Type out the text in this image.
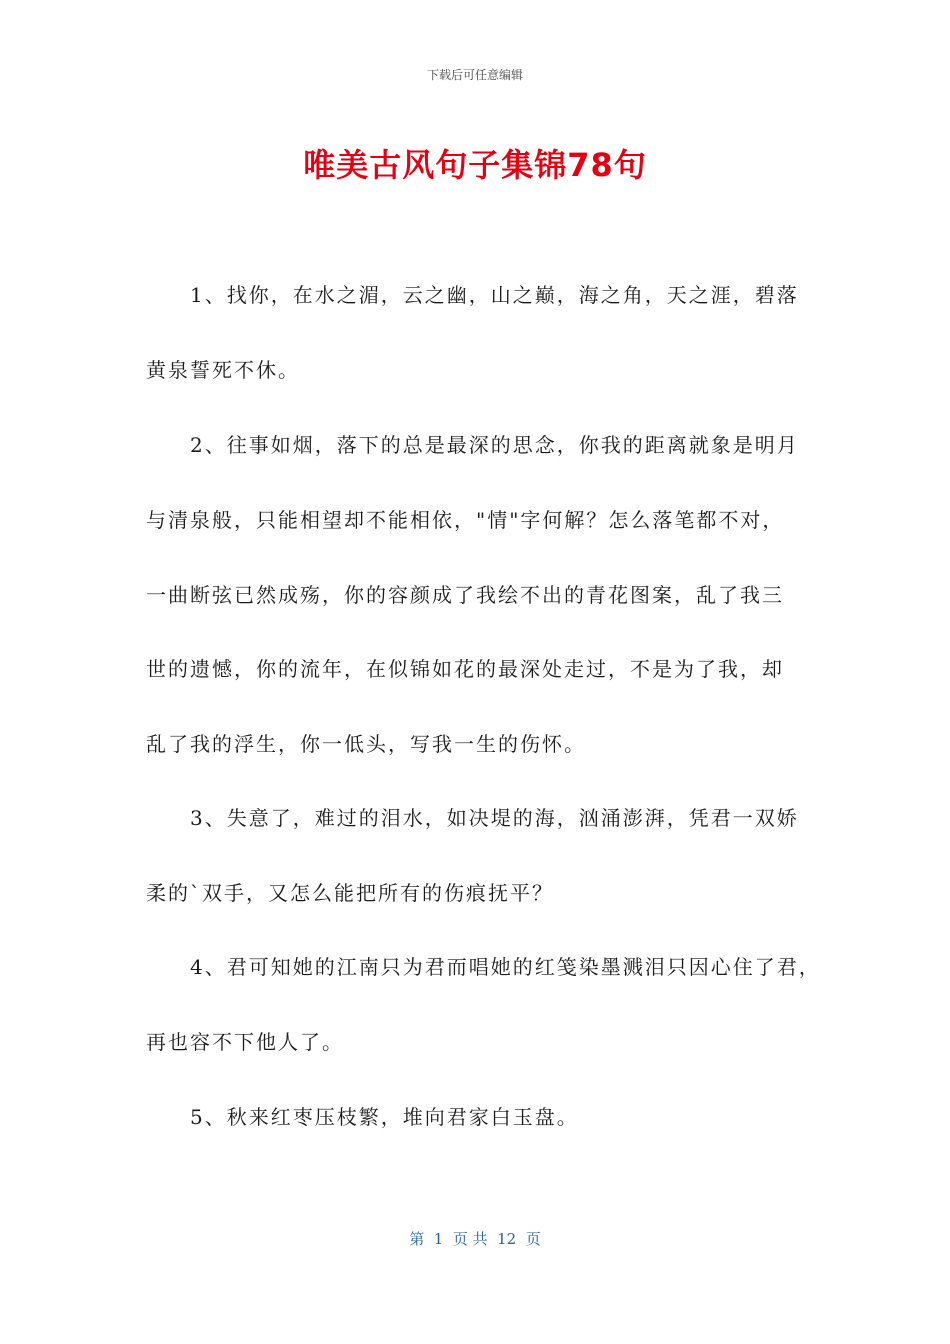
下载后可任意编辑
唯美古风句子集锦78句
1、找你，在水之湄，云之幽，山之巅，海之角，天之涯，碧落
黄泉誓死不休。
2、往事如烟，落下的总是最深的思念，你我的距离就象是明月
与清泉般，只能相望却不能相依，"情"字何解？怎么落笔都不对，
一曲断弦已然成殇，你的容颜成了我绘不出的青花图案，乱了我三
世的遗憾，你的流年，在似锦如花的最深处走过，不是为了我，却
乱了我的浮生，你一低头，写我一生的伤怀。
3、失意了，难过的泪水，如决堤的海，汹涌澎湃，凭君一双娇
柔的`双手，又怎么能把所有的伤痕抚平？
4、君可知她的江南只为君而唱她的红笺染墨溅泪只因心住了君，
再也容不下他人了。
5、秋来红枣压枝繁，堆向君家白玉盘。
第  1  页 共  12  页
